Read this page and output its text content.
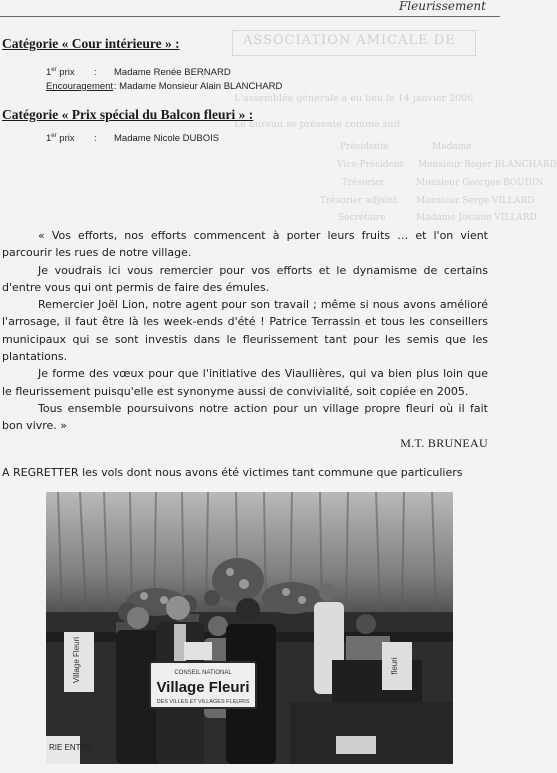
Fleurissement
ASSOCIATION AMICALE DE
L'assemblée générale a eu lieu le 14 janvier 2006
Le bureau se présente comme suit
Présidente	Madame
Vice-Président Monsieur Roger BLANCHARD
Trésorier	Monsieur Georges BOUDIN
Trésorier adjoint Monsieur Serge VILLARD
Secrétaire	Madame Josiane VILLARD
Catégorie « Cour intérieure » :
1er prix : Madame Renée BERNARD
Encouragement : Madame Monsieur Alain BLANCHARD
Catégorie « Prix spécial du Balcon fleuri » :
1er prix : Madame Nicole DUBOIS

« Vos efforts, nos efforts commencent à porter leurs fruits … et l'on vient parcourir les rues de notre village.

Je voudrais ici vous remercier pour vos efforts et le dynamisme de certains d'entre vous qui ont permis de faire des émules.

Remercier Joël Lion, notre agent pour son travail ; même si nous avons amélioré l'arrosage, il faut être là les week-ends d'été ! Patrice Terrassin et tous les conseillers municipaux qui se sont investis dans le fleurissement tant pour les semis que les plantations.

Je forme des vœux pour que l'initiative des Viaullières, qui va bien plus loin que le fleurissement puisqu'elle est synonyme aussi de convivialité, soit copiée en 2005.

Tous ensemble poursuivons notre action pour un village propre fleuri où il fait bon vivre. »

M.T. BRUNEAU
A REGRETTER les vols dont nous avons été victimes tant commune que particuliers
Village Fleuri	fleuri
CONSEIL NATIONAL
Village Fleuri
DES VILLES ET VILLAGES FLEURIS
RIE ENTRE
